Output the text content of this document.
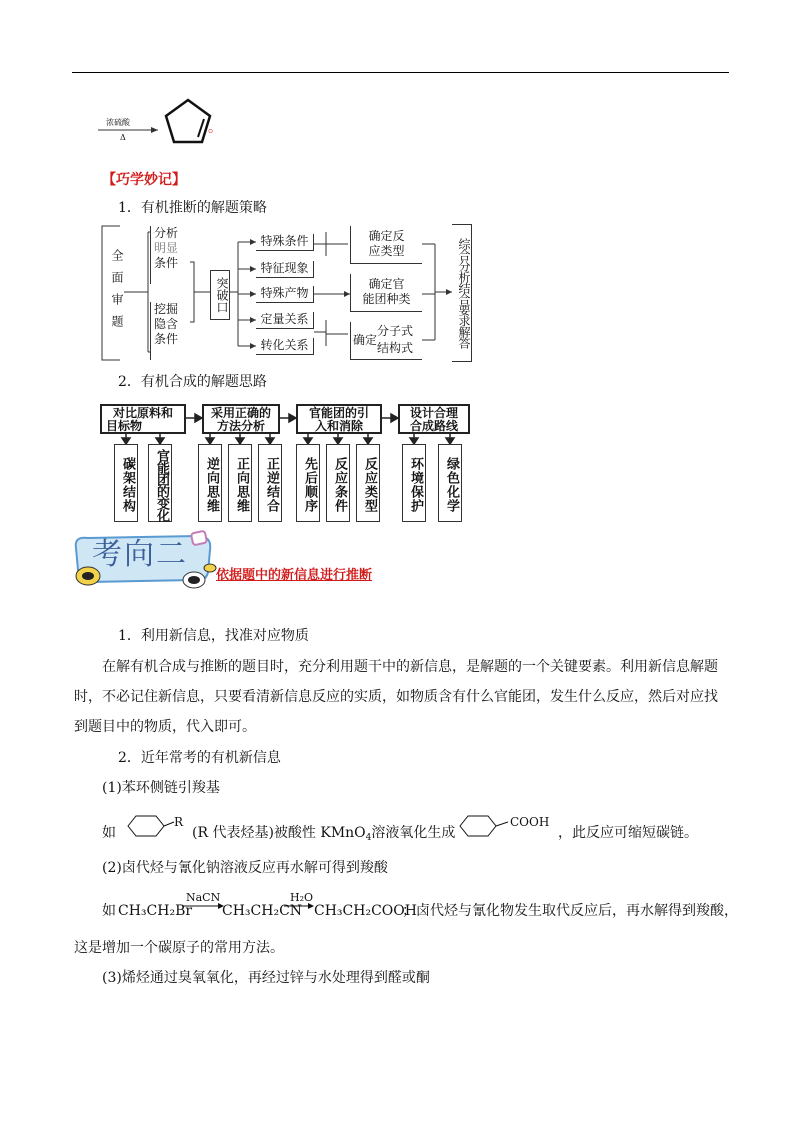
浓硫酸
Δ
。
【巧学妙记】
1．有机推断的解题策略
全面审题
分析
明显
条件
挖掘
隐含
条件
突破口
特殊条件
特征现象
特殊产物
定量关系
转化关系
确定反
应类型
确定官
能团种类
确定
分子式
结构式	综合分析结合要求解答
2．有机合成的解题思路
对比原料和
目标物
采用正确的
方法分析
官能团的引
入和消除
设计合理
合成路线
碳架结构	官能团的变化	逆向思维	正向思维	正逆结合	先后顺序	反应条件	反应类型	环境保护	绿色化学
考向二
依据题中的新信息进行推断
1．利用新信息，找准对应物质
在解有机合成与推断的题目时，充分利用题干中的新信息，是解题的一个关键要素。利用新信息解题时，不必记住新信息，只要看清新信息反应的实质，如物质含有什么官能团，发生什么反应，然后对应找到题目中的物质，代入即可。
2．近年常考的有机新信息
(1)苯环侧链引羧基
如
R
(R 代表烃基)被酸性 KMnO$_4$溶液氧化生成
COOH
，此反应可缩短碳链。
(2)卤代烃与氰化钠溶液反应再水解可得到羧酸
如 CH₃CH₂Br
NaCN
CH₃CH₂CN
H₂O
CH₃CH₂COOH
；卤代烃与氰化物发生取代反应后，再水解得到羧酸，
这是增加一个碳原子的常用方法。
(3)烯烃通过臭氧氧化，再经过锌与水处理得到醛或酮
